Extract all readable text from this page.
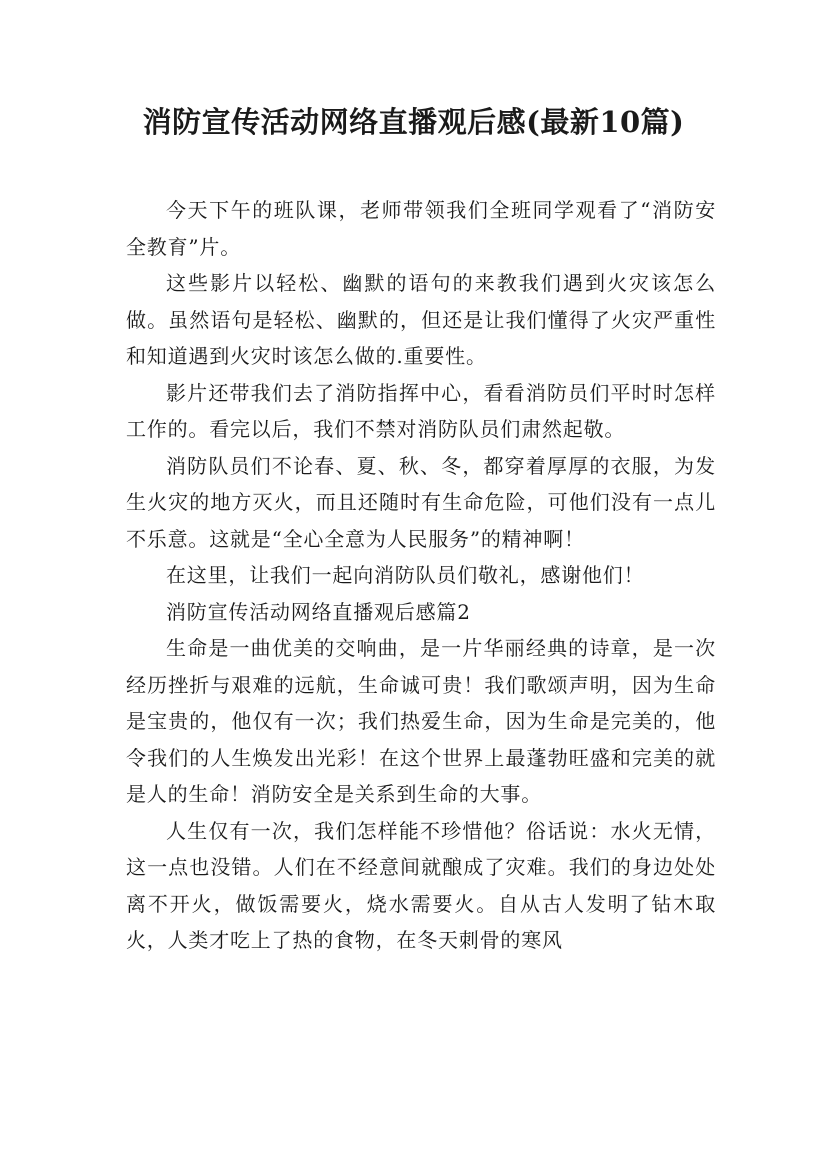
消防宣传活动网络直播观后感(最新10篇)

今天下午的班队课，老师带领我们全班同学观看了“消防安全教育”片。

这些影片以轻松、幽默的语句的来教我们遇到火灾该怎么做。虽然语句是轻松、幽默的，但还是让我们懂得了火灾严重性和知道遇到火灾时该怎么做的.重要性。

影片还带我们去了消防指挥中心，看看消防员们平时时怎样工作的。看完以后，我们不禁对消防队员们肃然起敬。

消防队员们不论春、夏、秋、冬，都穿着厚厚的衣服，为发生火灾的地方灭火，而且还随时有生命危险，可他们没有一点儿不乐意。这就是“全心全意为人民服务”的精神啊！

在这里，让我们一起向消防队员们敬礼，感谢他们！

消防宣传活动网络直播观后感篇2

生命是一曲优美的交响曲，是一片华丽经典的诗章，是一次经历挫折与艰难的远航，生命诚可贵！我们歌颂声明，因为生命是宝贵的，他仅有一次；我们热爱生命，因为生命是完美的，他令我们的人生焕发出光彩！在这个世界上最蓬勃旺盛和完美的就是人的生命！消防安全是关系到生命的大事。

人生仅有一次，我们怎样能不珍惜他？俗话说：水火无情，这一点也没错。人们在不经意间就酿成了灾难。我们的身边处处离不开火，做饭需要火，烧水需要火。自从古人发明了钻木取火，人类才吃上了热的食物，在冬天刺骨的寒风
